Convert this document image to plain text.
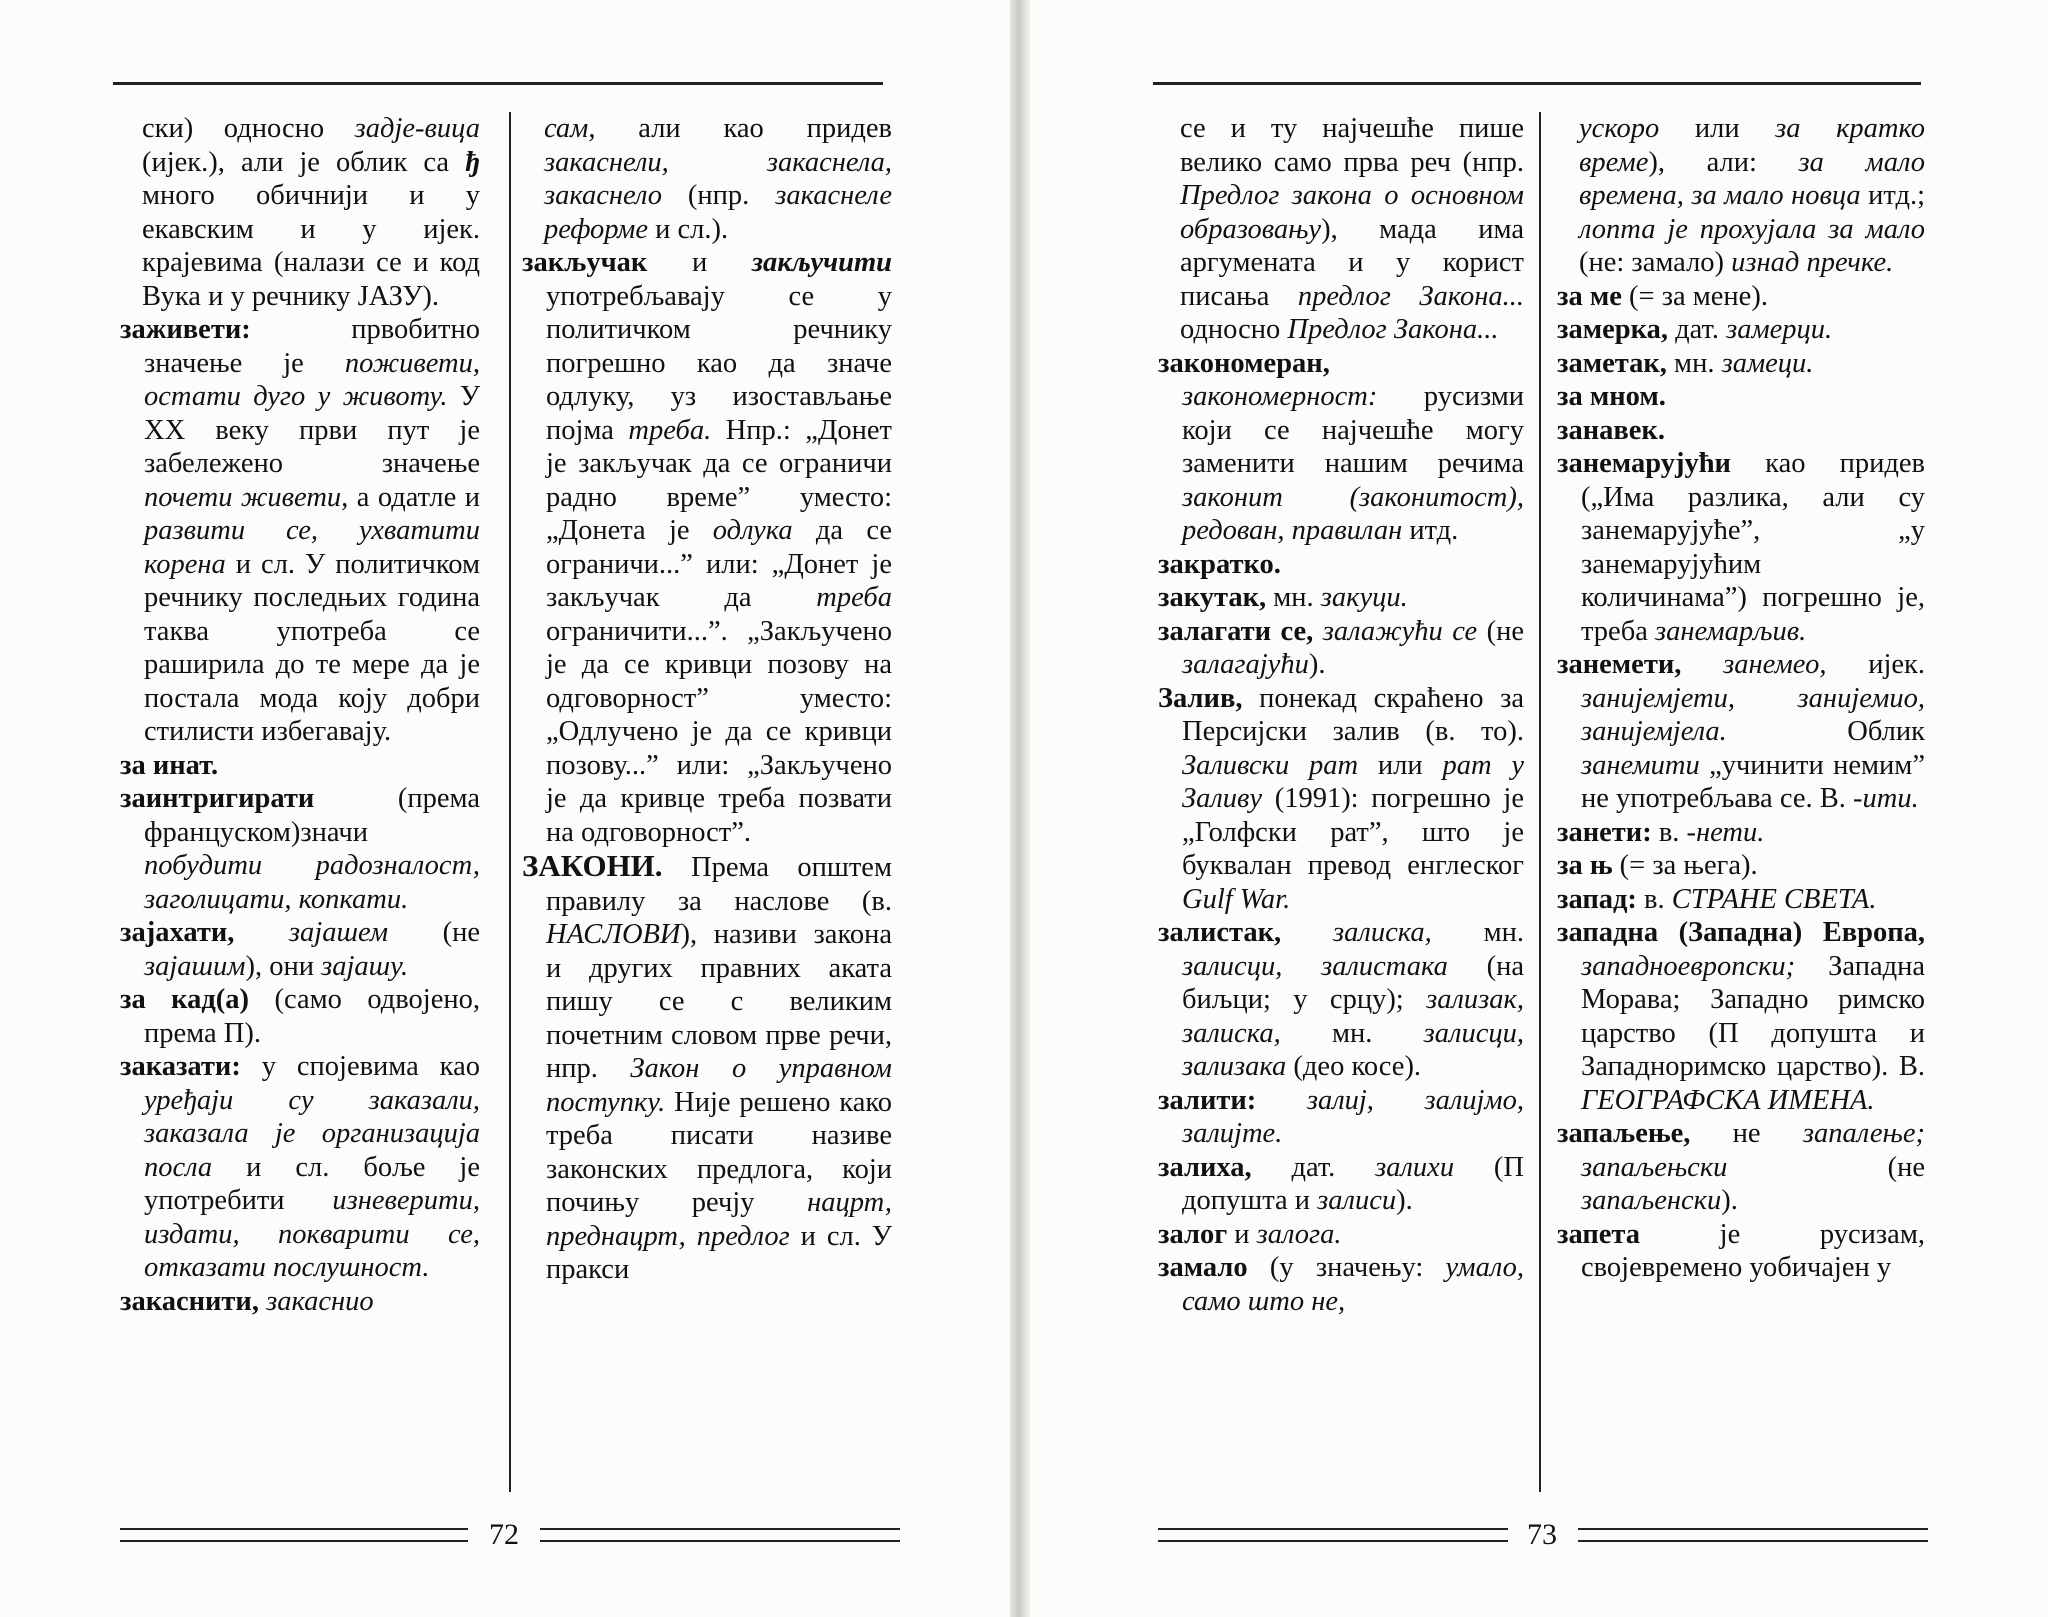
ски) односно задје-вица (ијек.), али је облик са ђ много обичнији и у екавским и у ијек. крајевима (налази се и код Вука и у речнику ЈАЗУ).

заживети: првобитно значење је поживети, остати дуго у животу. У XX веку први пут је забележено значење почети живети, а одатле и развити се, ухватити корена и сл. У политичком речнику последњих година таква употреба се раширила до те мере да је постала мода коју добри стилисти избегавају.

за инат.

заинтригирати (према француском)значи побудити радозналост, заголицати, копкати.

зајахати, зајашем (не зајашим), они зајашу.

за кад(а) (само одвојено, према П).

заказати: у спојевима као уређаји су заказали, заказала је организација посла и сл. боље је употребити изневерити, издати, покварити се, отказати послушност.

закаснити, закаснио

сам, али као придев закаснели, закаснела, закаснело (нпр. закаснеле реформе и сл.).

закључак и закључити употребљавају се у политичком речнику погрешно као да значе одлуку, уз изостављање појма треба. Нпр.: „Донет је закључак да се ограничи радно време” уместо: „Донета је одлука да се ограничи...” или: „Донет је закључак да треба ограничити...”. „Закључено је да се кривци позову на одговорност” уместо: „Одлучено је да се кривци позову...” или: „Закључено је да кривце треба позвати на одговорност”.

ЗАКОНИ. Према општем правилу за наслове (в. НАСЛОВИ), називи закона и других правних аката пишу се с великим почетним словом прве речи, нпр. Закон о управном поступку. Није решено како треба писати називе законских предлога, који почињу речју нацрт, преднацрт, предлог и сл. У пракси

72

се и ту најчешће пише велико само прва реч (нпр. Предлог закона о основном образовању), мада има аргумената и у корист писања предлог Закона... односно Предлог Закона...

закономеран, закономерност: русизми који се најчешће могу заменити нашим речима законит (законитост), редован, правилан итд.

закратко.

закутак, мн. закуци.

залагати се, залажући се (не залагајући).

Залив, понекад скраћено за Персијски залив (в. то). Заливски рат или рат у Заливу (1991): погрешно је „Голфски рат”, што је буквалан превод енглеског Gulf War.

залистак, залиска, мн. залисци, залистака (на биљци; у срцу); зализак, залиска, мн. залисци, зализака (део косе).

залити: залиј, залијмо, залијте.

залиха, дат. залихи (П допушта и залиси).

залог и залога.

замало (у значењу: умало, само што не,

ускоро или за кратко време), али: за мало времена, за мало новца итд.; лопта је прохујала за мало (не: замало) изнад пречке.

за ме (= за мене).

замерка, дат. замерци.

заметак, мн. замеци.

за мном.

занавек.

занемарујући као придев („Има разлика, али су занемарујуће”, „у занемарујућим количинама”) погрешно је, треба занемарљив.

занемети, занемео, ијек. занијемјети, занијемио, занијемјела. Облик занемити „учинити немим” не употребљава се. В. -ити.

занети: в. -нети.

за њ (= за њега).

запад: в. СТРАНЕ СВЕТА.

западна (Западна) Европа, западноевропски; Западна Морава; Западно римско царство (П допушта и Западноримско царство). В. ГЕОГРАФСКА ИМЕНА.

запаљење, не запалење; запаљењски (не запаљенски).

запета је русизам, својевремено уобичајен у

73
